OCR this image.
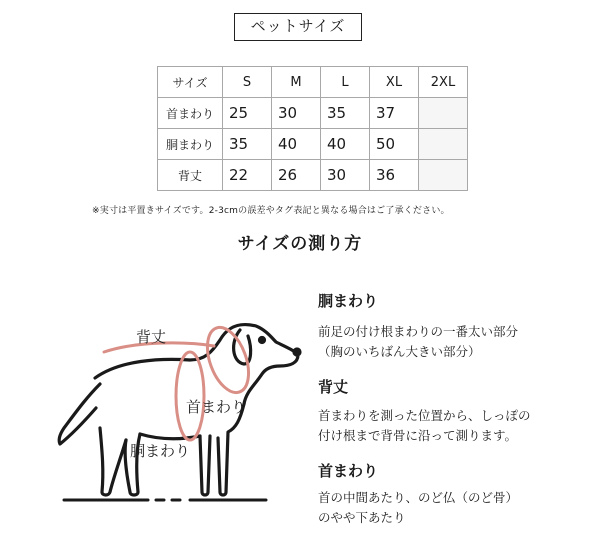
ペットサイズ
サイズ	S	M	L	XL	2XL
首まわり	25	30	35	37	
胴まわり	35	40	40	50	
背丈	22	26	30	36	
※実寸は平置きサイズです。2-3cmの誤差やタグ表記と異なる場合はご了承ください。
サイズの測り方
背丈
首まわり
胴まわり
胴まわり
前足の付け根まわりの一番太い部分
（胸のいちばん大きい部分）
背丈
首まわりを測った位置から、しっぽの
付け根まで背骨に沿って測ります。
首まわり
首の中間あたり、のど仏（のど骨）
のやや下あたり
